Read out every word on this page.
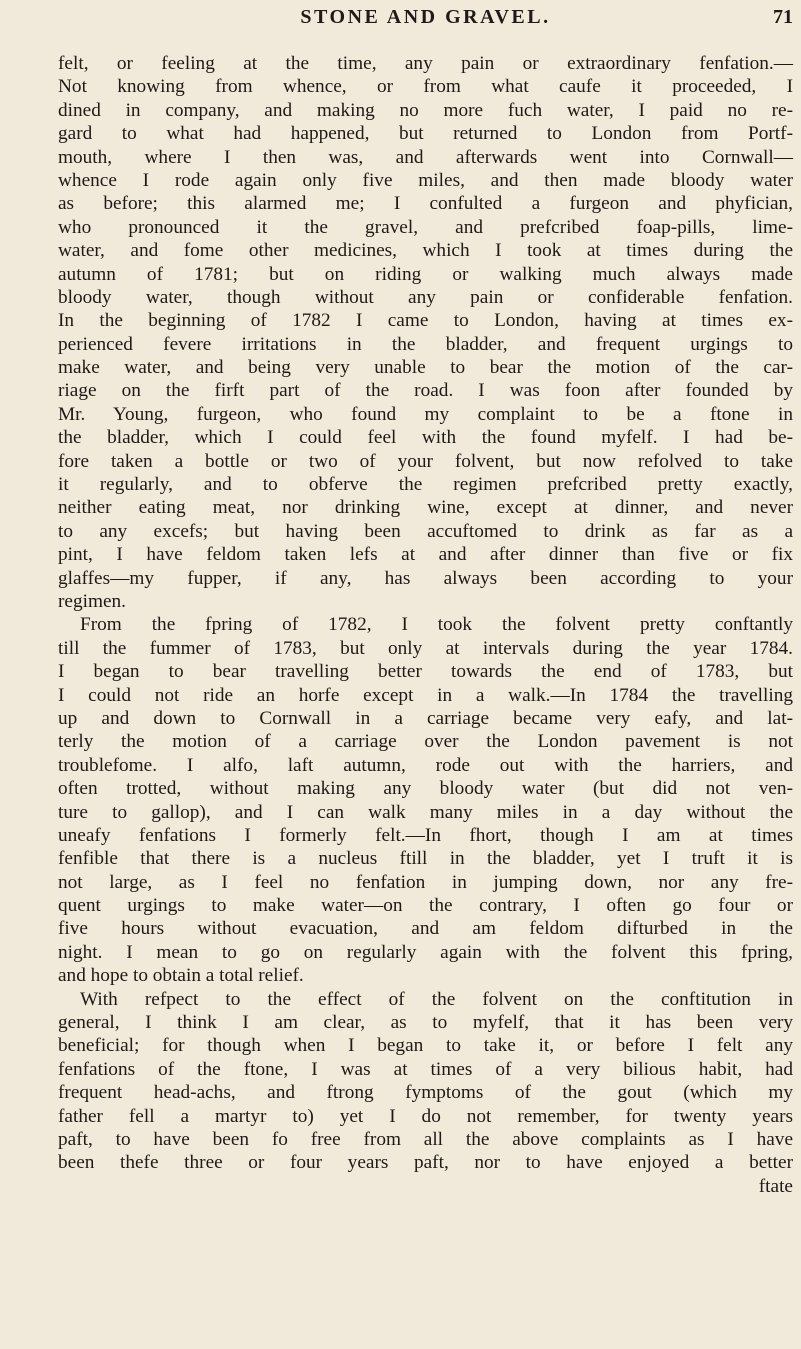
STONE AND GRAVEL.	71
felt, or feeling at the time, any pain or extraordinary fenfation.—
Not knowing from whence, or from what caufe it proceeded, I
dined in company, and making no more fuch water, I paid no re-
gard to what had happened, but returned to London from Portf-
mouth, where I then was, and afterwards went into Cornwall—
whence I rode again only five miles, and then made bloody water
as before; this alarmed me; I confulted a furgeon and phyfician,
who pronounced it the gravel, and prefcribed foap-pills, lime-
water, and fome other medicines, which I took at times during the
autumn of 1781; but on riding or walking much always made
bloody water, though without any pain or confiderable fenfation.
In the beginning of 1782 I came to London, having at times ex-
perienced fevere irritations in the bladder, and frequent urgings to
make water, and being very unable to bear the motion of the car-
riage on the firft part of the road. I was foon after founded by
Mr. Young, furgeon, who found my complaint to be a ftone in
the bladder, which I could feel with the found myfelf. I had be-
fore taken a bottle or two of your folvent, but now refolved to take
it regularly, and to obferve the regimen prefcribed pretty exactly,
neither eating meat, nor drinking wine, except at dinner, and never
to any excefs; but having been accuftomed to drink as far as a
pint, I have feldom taken lefs at and after dinner than five or fix
glaffes—my fupper, if any, has always been according to your
regimen.
From the fpring of 1782, I took the folvent pretty conftantly
till the fummer of 1783, but only at intervals during the year 1784.
I began to bear travelling better towards the end of 1783, but
I could not ride an horfe except in a walk.—In 1784 the travelling
up and down to Cornwall in a carriage became very eafy, and lat-
terly the motion of a carriage over the London pavement is not
troublefome. I alfo, laft autumn, rode out with the harriers, and
often trotted, without making any bloody water (but did not ven-
ture to gallop), and I can walk many miles in a day without the
uneafy fenfations I formerly felt.—In fhort, though I am at times
fenfible that there is a nucleus ftill in the bladder, yet I truft it is
not large, as I feel no fenfation in jumping down, nor any fre-
quent urgings to make water—on the contrary, I often go four or
five hours without evacuation, and am feldom difturbed in the
night. I mean to go on regularly again with the folvent this fpring,
and hope to obtain a total relief.
With refpect to the effect of the folvent on the conftitution in
general, I think I am clear, as to myfelf, that it has been very
beneficial; for though when I began to take it, or before I felt any
fenfations of the ftone, I was at times of a very bilious habit, had
frequent head-achs, and ftrong fymptoms of the gout (which my
father fell a martyr to) yet I do not remember, for twenty years
paft, to have been fo free from all the above complaints as I have
been thefe three or four years paft, nor to have enjoyed a better
ftate
